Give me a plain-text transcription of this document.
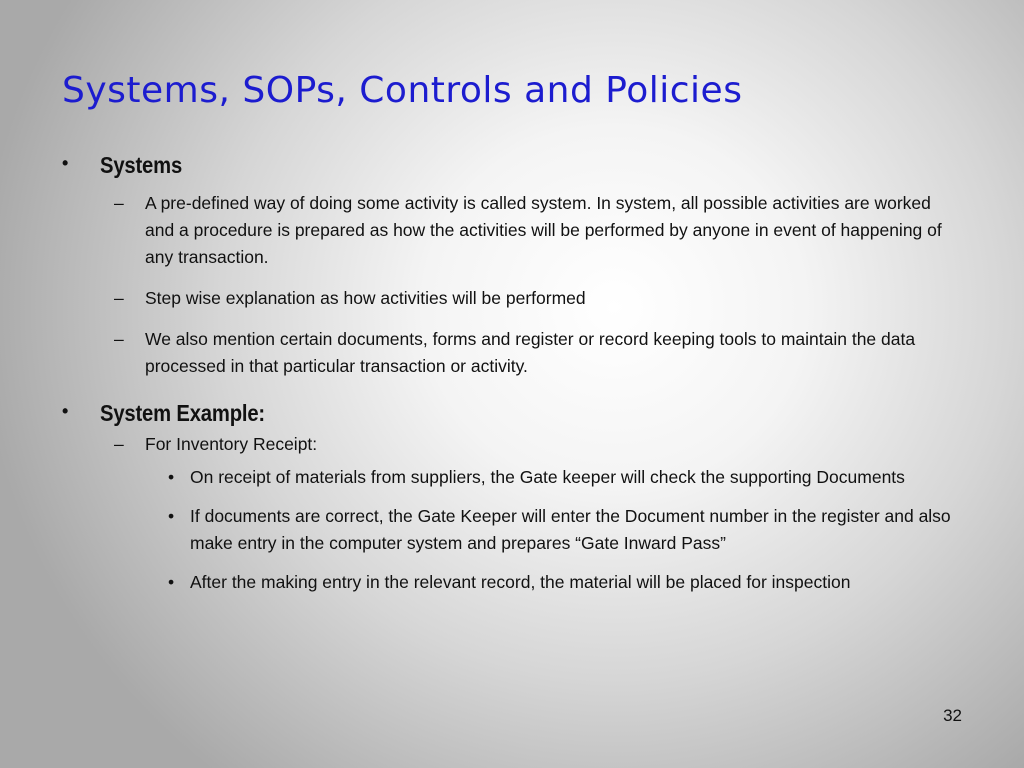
Systems, SOPs, Controls and Policies
• Systems
– A pre-defined way of doing some activity is called system. In system, all possible activities are worked and a procedure is prepared as how the activities will be performed by anyone in event of happening of any transaction.
– Step wise explanation as how activities will be performed
– We also mention certain documents, forms and register or record keeping tools to maintain the data processed in that particular transaction or activity.
• System Example:
– For Inventory Receipt:
• On receipt of materials from suppliers, the Gate keeper will check the supporting Documents
• If documents are correct, the Gate Keeper will enter the Document number in the register and also make entry in the computer system and prepares “Gate Inward Pass”
• After the making entry in the relevant record, the material will be placed for inspection
32
